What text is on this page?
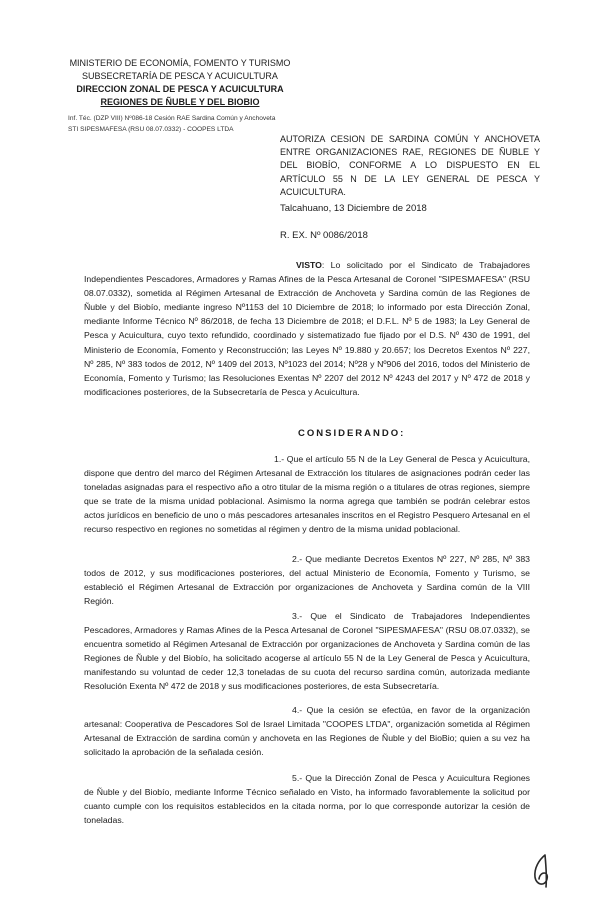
MINISTERIO DE ECONOMÍA, FOMENTO Y TURISMO
SUBSECRETARÍA DE PESCA Y ACUICULTURA
DIRECCION ZONAL DE PESCA Y ACUICULTURA
REGIONES DE ÑUBLE Y DEL BIOBIO
Inf. Téc. (DZP VIII) Nº086-18 Cesión RAE Sardina Común y Anchoveta
STI SIPESMAFESA (RSU 08.07.0332) - COOPES LTDA
AUTORIZA CESION DE SARDINA COMÚN Y ANCHOVETA ENTRE ORGANIZACIONES RAE, REGIONES DE ÑUBLE Y DEL BIOBÍO, CONFORME A LO DISPUESTO EN EL ARTÍCULO 55 N DE LA LEY GENERAL DE PESCA Y ACUICULTURA.
Talcahuano, 13 Diciembre de 2018
R. EX. Nº 0086/2018

VISTO: Lo solicitado por el Sindicato de Trabajadores Independientes Pescadores, Armadores y Ramas Afines de la Pesca Artesanal de Coronel "SIPESMAFESA" (RSU 08.07.0332), sometida al Régimen Artesanal de Extracción de Anchoveta y Sardina común de las Regiones de Ñuble y del Biobío, mediante ingreso Nº1153 del 10 Diciembre de 2018; lo informado por esta Dirección Zonal, mediante Informe Técnico Nº 86/2018, de fecha 13 Diciembre de 2018; el D.F.L. Nº 5 de 1983; la Ley General de Pesca y Acuicultura, cuyo texto refundido, coordinado y sistematizado fue fijado por el D.S. Nº 430 de 1991, del Ministerio de Economía, Fomento y Reconstrucción; las Leyes Nº 19.880 y 20.657; los Decretos Exentos Nº 227, Nº 285, Nº 383 todos de 2012, Nº 1409 del 2013, Nº1023 del 2014; Nº28 y Nº906 del 2016, todos del Ministerio de Economía, Fomento y Turismo; las Resoluciones Exentas Nº 2207 del 2012 Nº 4243 del 2017 y Nº 472 de 2018 y modificaciones posteriores, de la Subsecretaría de Pesca y Acuicultura.

CONSIDERANDO:

1.- Que el artículo 55 N de la Ley General de Pesca y Acuicultura, dispone que dentro del marco del Régimen Artesanal de Extracción los titulares de asignaciones podrán ceder las toneladas asignadas para el respectivo año a otro titular de la misma región o a titulares de otras regiones, siempre que se trate de la misma unidad poblacional. Asimismo la norma agrega que también se podrán celebrar estos actos jurídicos en beneficio de uno o más pescadores artesanales inscritos en el Registro Pesquero Artesanal en el recurso respectivo en regiones no sometidas al régimen y dentro de la misma unidad poblacional.

2.- Que mediante Decretos Exentos Nº 227, Nº 285, Nº 383 todos de 2012, y sus modificaciones posteriores, del actual Ministerio de Economía, Fomento y Turismo, se estableció el Régimen Artesanal de Extracción por organizaciones de Anchoveta y Sardina común de la VIII Región.

3.- Que el Sindicato de Trabajadores Independientes Pescadores, Armadores y Ramas Afines de la Pesca Artesanal de Coronel "SIPESMAFESA" (RSU 08.07.0332), se encuentra sometido al Régimen Artesanal de Extracción por organizaciones de Anchoveta y Sardina común de las Regiones de Ñuble y del Biobío, ha solicitado acogerse al artículo 55 N de la Ley General de Pesca y Acuicultura, manifestando su voluntad de ceder 12,3 toneladas de su cuota del recurso sardina común, autorizada mediante Resolución Exenta Nº 472 de 2018 y sus modificaciones posteriores, de esta Subsecretaría.

4.- Que la cesión se efectúa, en favor de la organización artesanal: Cooperativa de Pescadores Sol de Israel Limitada "COOPES LTDA", organización sometida al Régimen Artesanal de Extracción de sardina común y anchoveta en las Regiones de Ñuble y del BioBio; quien a su vez ha solicitado la aprobación de la señalada cesión.

5.- Que la Dirección Zonal de Pesca y Acuicultura Regiones de Ñuble y del Biobío, mediante Informe Técnico señalado en Visto, ha informado favorablemente la solicitud por cuanto cumple con los requisitos establecidos en la citada norma, por lo que corresponde autorizar la cesión de toneladas.
